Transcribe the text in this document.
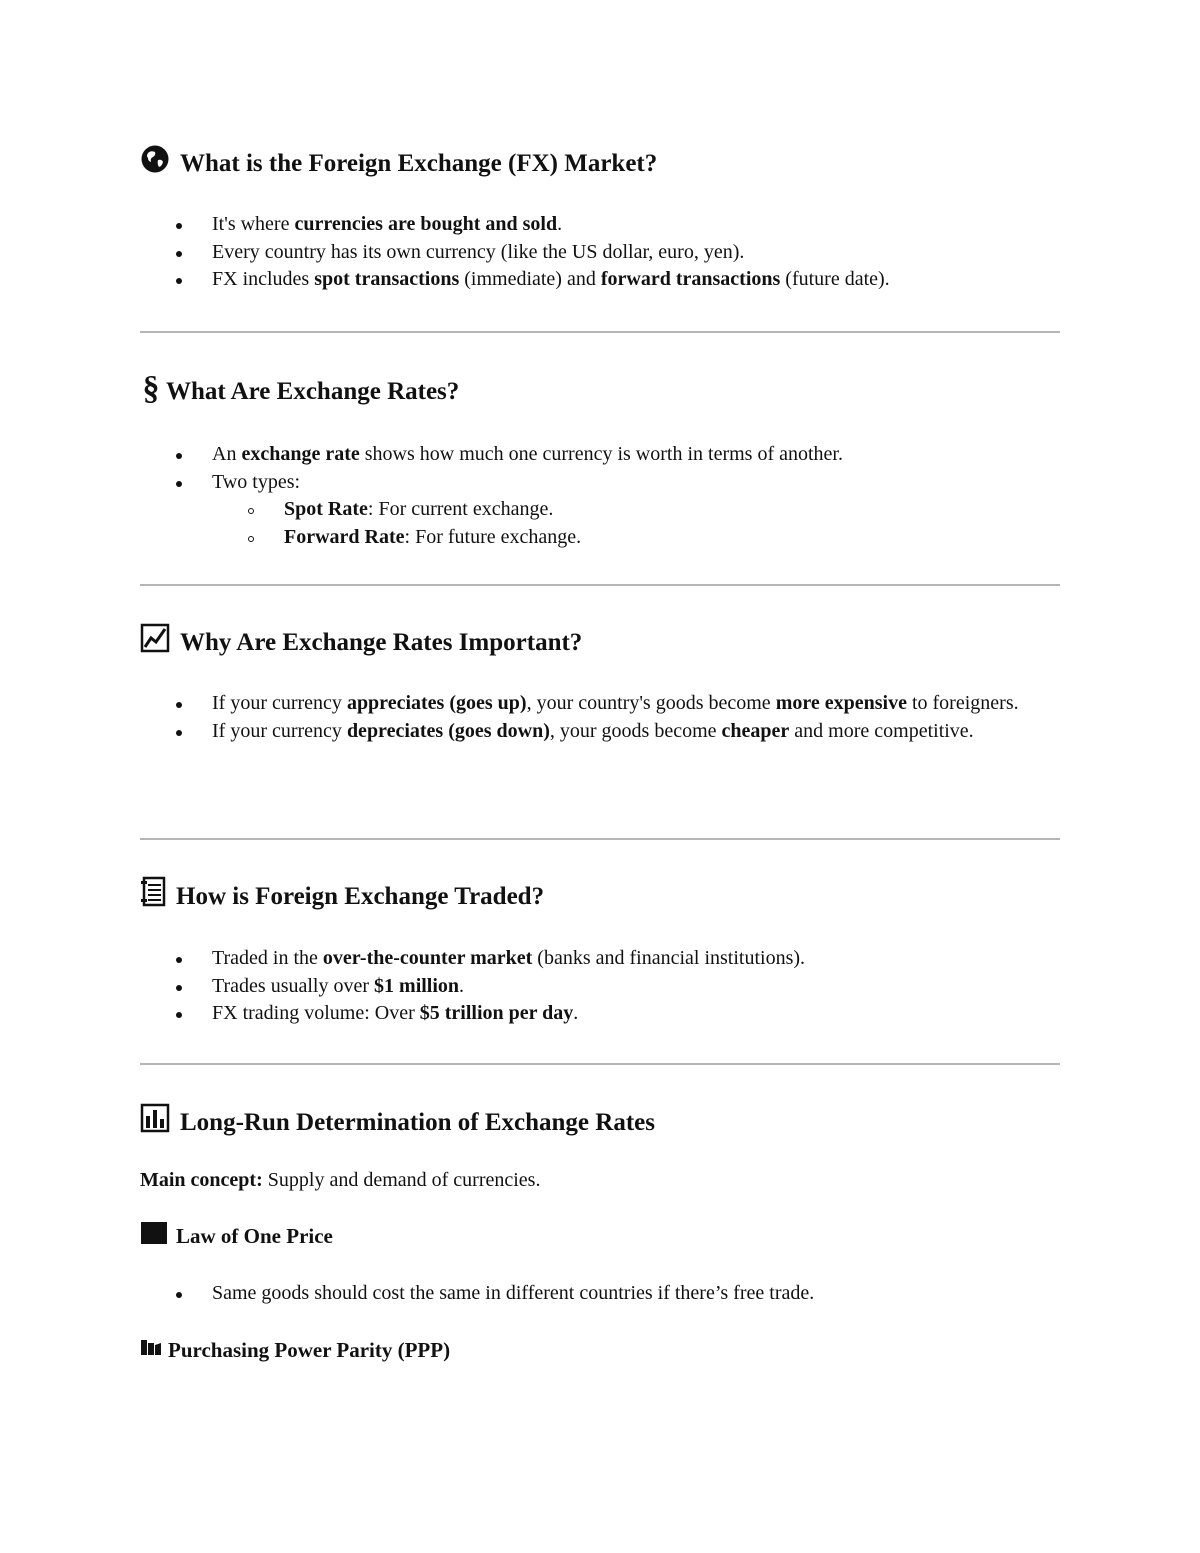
What is the Foreign Exchange (FX) Market?
It's where currencies are bought and sold.
Every country has its own currency (like the US dollar, euro, yen).
FX includes spot transactions (immediate) and forward transactions (future date).
§ What Are Exchange Rates?
An exchange rate shows how much one currency is worth in terms of another.
Two types:
Spot Rate: For current exchange.
Forward Rate: For future exchange.
Why Are Exchange Rates Important?
If your currency appreciates (goes up), your country's goods become more expensive to foreigners.
If your currency depreciates (goes down), your goods become cheaper and more competitive.
How is Foreign Exchange Traded?
Traded in the over-the-counter market (banks and financial institutions).
Trades usually over $1 million.
FX trading volume: Over $5 trillion per day.
Long-Run Determination of Exchange Rates

Main concept: Supply and demand of currencies.

Law of One Price
Same goods should cost the same in different countries if there’s free trade.
Purchasing Power Parity (PPP)
